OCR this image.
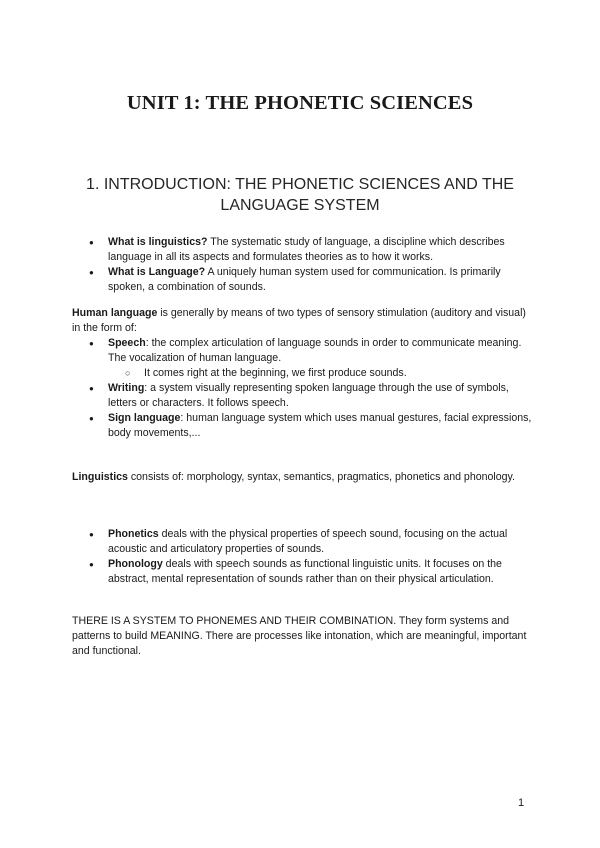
UNIT 1: THE PHONETIC SCIENCES
1. INTRODUCTION: THE PHONETIC SCIENCES AND THE LANGUAGE SYSTEM
● What is linguistics? The systematic study of language, a discipline which describes language in all its aspects and formulates theories as to how it works.
● What is Language? A uniquely human system used for communication. Is primarily spoken, a combination of sounds.

Human language is generally by means of two types of sensory stimulation (auditory and visual) in the form of:

● Speech: the complex articulation of language sounds in order to communicate meaning. The vocalization of human language.
○ It comes right at the beginning, we first produce sounds.
● Writing: a system visually representing spoken language through the use of symbols, letters or characters. It follows speech.
● Sign language: human language system which uses manual gestures, facial expressions, body movements,...

Linguistics consists of: morphology, syntax, semantics, pragmatics, phonetics and phonology.

● Phonetics deals with the physical properties of speech sound, focusing on the actual acoustic and articulatory properties of sounds.
● Phonology deals with speech sounds as functional linguistic units. It focuses on the abstract, mental representation of sounds rather than on their physical articulation.

THERE IS A SYSTEM TO PHONEMES AND THEIR COMBINATION. They form systems and patterns to build MEANING. There are processes like intonation, which are meaningful, important and functional.

1
